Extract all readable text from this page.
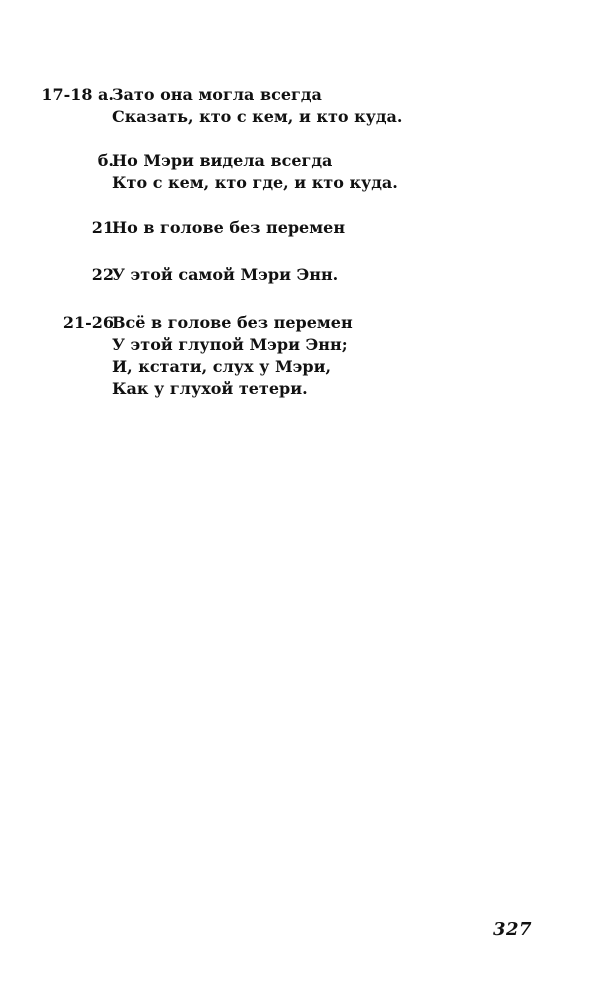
17-18 а.
Зато она могла всегда
Сказать, кто с кем, и кто куда.
б.
Но Мэри видела всегда
Кто с кем, кто где, и кто куда.
21
Но в голове без перемен
22
У этой самой Мэри Энн.
21-26
Всё в голове без перемен
У этой глупой Мэри Энн;
И, кстати, слух у Мэри,
Как у глухой тетери.
327
